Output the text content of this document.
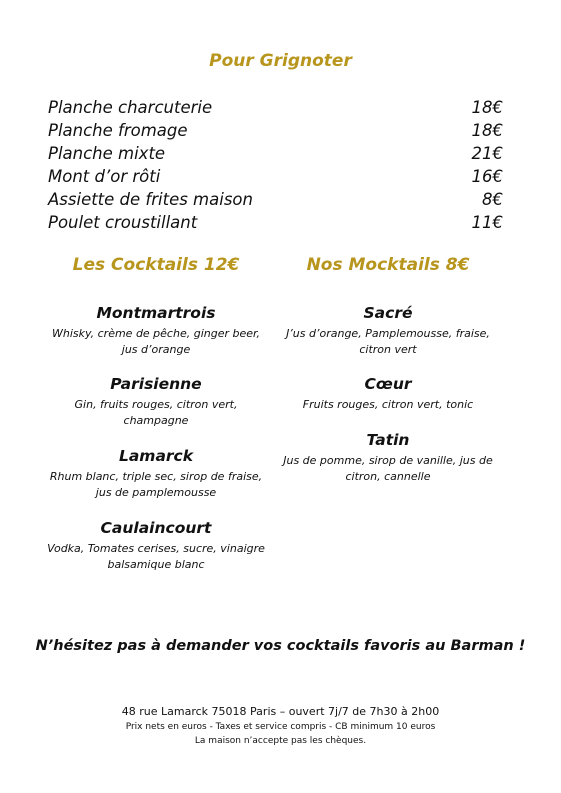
Pour Grignoter
Planche charcuterie	18€
Planche fromage	18€
Planche mixte	21€
Mont d’or rôti	16€
Assiette de frites maison	8€
Poulet croustillant	11€
Les Cocktails 12€	Nos Mocktails 8€
Montmartrois
Whisky, crème de pêche, ginger beer,
jus d’orange
Parisienne
Gin, fruits rouges, citron vert,
champagne
Lamarck
Rhum blanc, triple sec, sirop de fraise,
jus de pamplemousse
Caulaincourt
Vodka, Tomates cerises, sucre, vinaigre
balsamique blanc
Sacré
J’us d’orange, Pamplemousse, fraise,
citron vert
Cœur
Fruits rouges, citron vert, tonic
Tatin
Jus de pomme, sirop de vanille, jus de
citron, cannelle
N’hésitez pas à demander vos cocktails favoris au Barman !
48 rue Lamarck 75018 Paris – ouvert 7j/7 de 7h30 à 2h00
Prix nets en euros - Taxes et service compris - CB minimum 10 euros
La maison n’accepte pas les chèques.
